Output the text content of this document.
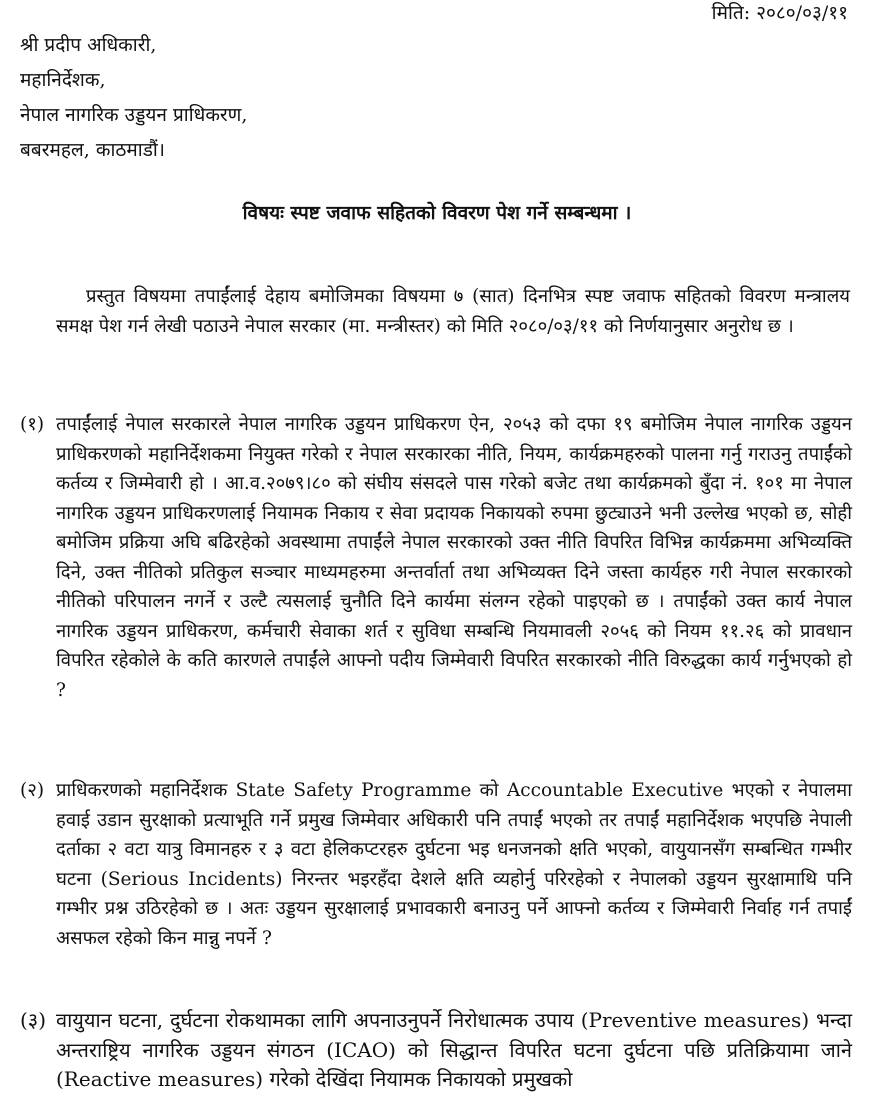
मिति: २०८०/०३/११
श्री प्रदीप अधिकारी,
महानिर्देशक,
नेपाल नागरिक उड्डयन प्राधिकरण,
बबरमहल, काठमाडौं।
विषयः स्पष्ट जवाफ सहितको विवरण पेश गर्ने सम्बन्धमा ।
प्रस्तुत विषयमा तपाईंलाई देहाय बमोजिमका विषयमा ७ (सात) दिनभित्र स्पष्ट जवाफ सहितको विवरण मन्त्रालय समक्ष पेश गर्न लेखी पठाउने नेपाल सरकार (मा. मन्त्रीस्तर) को मिति २०८०/०३/११ को निर्णयानुसार अनुरोध छ ।
(१) तपाईंलाई नेपाल सरकारले नेपाल नागरिक उड्डयन प्राधिकरण ऐन, २०५३ को दफा १९ बमोजिम नेपाल नागरिक उड्डयन प्राधिकरणको महानिर्देशकमा नियुक्त गरेको र नेपाल सरकारका नीति, नियम, कार्यक्रमहरुको पालना गर्नु गराउनु तपाईंको कर्तव्य र जिम्मेवारी हो । आ.व.२०७९।८० को संघीय संसदले पास गरेको बजेट तथा कार्यक्रमको बुँदा नं. १०१ मा नेपाल नागरिक उड्डयन प्राधिकरणलाई नियामक निकाय र सेवा प्रदायक निकायको रुपमा छुट्याउने भनी उल्लेख भएको छ, सोही बमोजिम प्रक्रिया अघि बढिरहेको अवस्थामा तपाईंले नेपाल सरकारको उक्त नीति विपरित विभिन्न कार्यक्रममा अभिव्यक्ति दिने, उक्त नीतिको प्रतिकुल सञ्चार माध्यमहरुमा अन्तर्वार्ता तथा अभिव्यक्त दिने जस्ता कार्यहरु गरी नेपाल सरकारको नीतिको परिपालन नगर्ने र उल्टै त्यसलाई चुनौति दिने कार्यमा संलग्न रहेको पाइएको छ । तपाईंको उक्त कार्य नेपाल नागरिक उड्डयन प्राधिकरण, कर्मचारी सेवाका शर्त र सुविधा सम्बन्धि नियमावली २०५६ को नियम ११.२६ को प्रावधान विपरित रहेकोले के कति कारणले तपाईंले आफ्नो पदीय जिम्मेवारी विपरित सरकारको नीति विरुद्धका कार्य गर्नुभएको हो ?
(२) प्राधिकरणको महानिर्देशक State Safety Programme को Accountable Executive भएको र नेपालमा हवाई उडान सुरक्षाको प्रत्याभूति गर्ने प्रमुख जिम्मेवार अधिकारी पनि तपाईं भएको तर तपाईं महानिर्देशक भएपछि नेपाली दर्ताका २ वटा यात्रु विमानहरु र ३ वटा हेलिकप्टरहरु दुर्घटना भइ धनजनको क्षति भएको, वायुयानसँग सम्बन्धित गम्भीर घटना (Serious Incidents) निरन्तर भइरहँदा देशले क्षति व्यहोर्नु परिरहेको र नेपालको उड्डयन सुरक्षामाथि पनि गम्भीर प्रश्न उठिरहेको छ । अतः उड्डयन सुरक्षालाई प्रभावकारी बनाउनु पर्ने आफ्नो कर्तव्य र जिम्मेवारी निर्वाह गर्न तपाईं असफल रहेको किन मान्नु नपर्ने ?
(३) वायुयान घटना, दुर्घटना रोकथामका लागि अपनाउनुपर्ने निरोधात्मक उपाय (Preventive measures) भन्दा अन्तराष्ट्रिय नागरिक उड्डयन संगठन (ICAO) को सिद्धान्त विपरित घटना दुर्घटना पछि प्रतिक्रियामा जाने (Reactive measures) गरेको देखिंदा नियामक निकायको प्रमुखको
